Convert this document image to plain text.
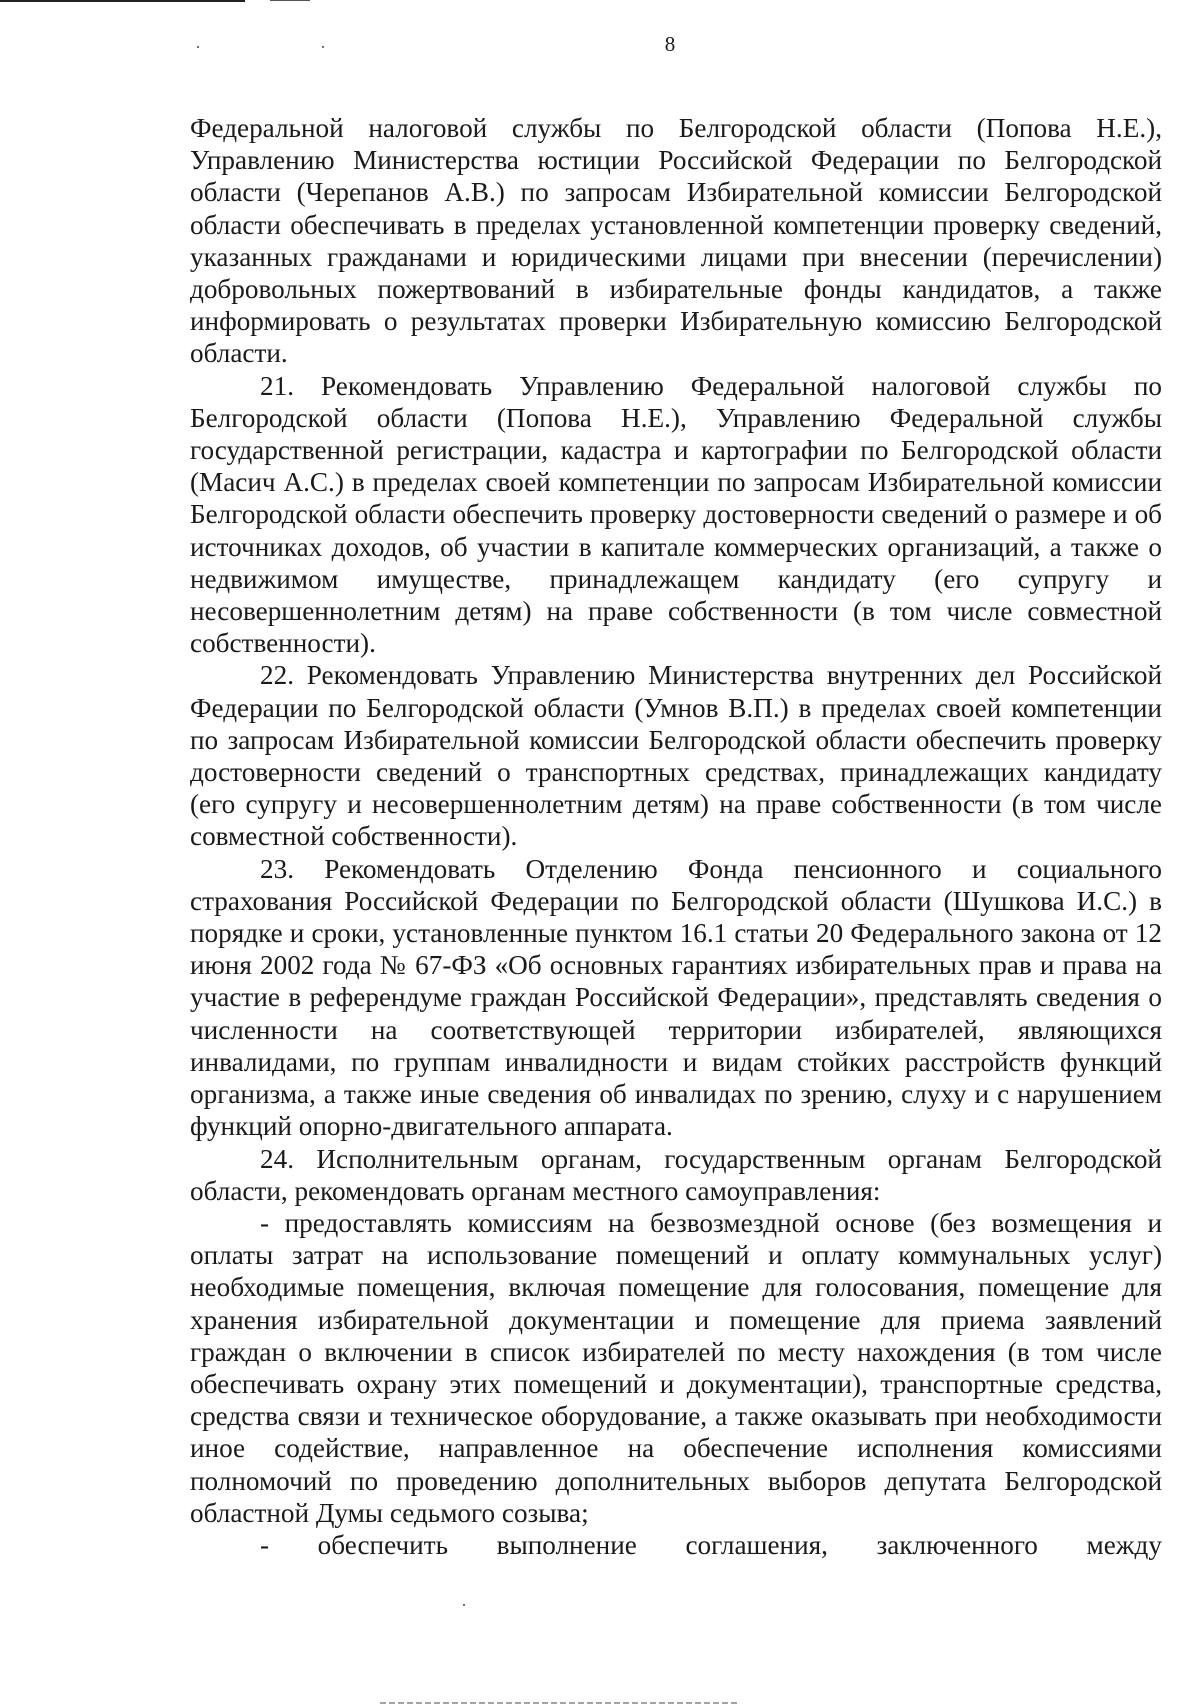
8

Федеральной налоговой службы по Белгородской области (Попова Н.Е.), Управлению Министерства юстиции Российской Федерации по Белгородской области (Черепанов А.В.) по запросам Избирательной комиссии Белгородской области обеспечивать в пределах установленной компетенции проверку сведений, указанных гражданами и юридическими лицами при внесении (перечислении) добровольных пожертвований в избирательные фонды кандидатов, а также информировать о результатах проверки Избирательную комиссию Белгородской области.

21. Рекомендовать Управлению Федеральной налоговой службы по Белгородской области (Попова Н.Е.), Управлению Федеральной службы государственной регистрации, кадастра и картографии по Белгородской области (Масич А.С.) в пределах своей компетенции по запросам Избирательной комиссии Белгородской области обеспечить проверку достоверности сведений о размере и об источниках доходов, об участии в капитале коммерческих организаций, а также о недвижимом имуществе, принадлежащем кандидату (его супругу и несовершеннолетним детям) на праве собственности (в том числе совместной собственности).

22. Рекомендовать Управлению Министерства внутренних дел Российской Федерации по Белгородской области (Умнов В.П.) в пределах своей компетенции по запросам Избирательной комиссии Белгородской области обеспечить проверку достоверности сведений о транспортных средствах, принадлежащих кандидату (его супругу и несовершеннолетним детям) на праве собственности (в том числе совместной собственности).

23. Рекомендовать Отделению Фонда пенсионного и социального страхования Российской Федерации по Белгородской области (Шушкова И.С.) в порядке и сроки, установленные пунктом 16.1 статьи 20 Федерального закона от 12 июня 2002 года № 67-ФЗ «Об основных гарантиях избирательных прав и права на участие в референдуме граждан Российской Федерации», представлять сведения о численности на соответствующей территории избирателей, являющихся инвалидами, по группам инвалидности и видам стойких расстройств функций организма, а также иные сведения об инвалидах по зрению, слуху и с нарушением функций опорно-двигательного аппарата.

24. Исполнительным органам, государственным органам Белгородской области, рекомендовать органам местного самоуправления:

- предоставлять комиссиям на безвозмездной основе (без возмещения и оплаты затрат на использование помещений и оплату коммунальных услуг) необходимые помещения, включая помещение для голосования, помещение для хранения избирательной документации и помещение для приема заявлений граждан о включении в список избирателей по месту нахождения (в том числе обеспечивать охрану этих помещений и документации), транспортные средства, средства связи и техническое оборудование, а также оказывать при необходимости иное содействие, направленное на обеспечение исполнения комиссиями полномочий по проведению дополнительных выборов депутата Белгородской областной Думы седьмого созыва;

- обеспечить выполнение соглашения, заключенного между
